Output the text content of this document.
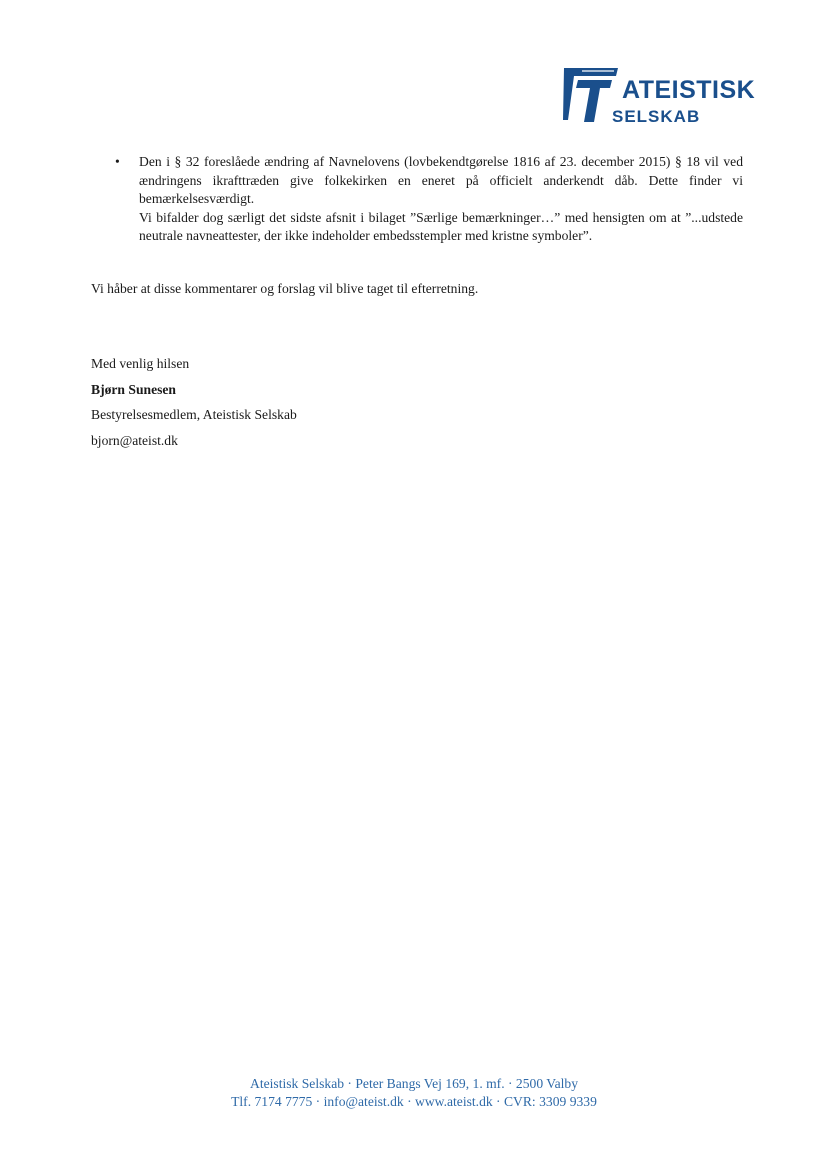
ATEISTISK
SELSKAB
• Den i § 32 foreslåede ændring af Navnelovens (lovbekendtgørelse 1816 af 23. december 2015) § 18 vil ved ændringens ikrafttræden give folkekirken en eneret på officielt anderkendt dåb. Dette finder vi bemærkelsesværdigt.

Vi bifalder dog særligt det sidste afsnit i bilaget ”Særlige bemærkninger…” med hensigten om at ”...udstede neutrale navneattester, der ikke indeholder embedsstempler med kristne symboler”.

Vi håber at disse kommentarer og forslag vil blive taget til efterretning.
Med venlig hilsen
Bjørn Sunesen
Bestyrelsesmedlem, Ateistisk Selskab
bjorn@ateist.dk
Ateistisk Selskab · Peter Bangs Vej 169, 1. mf. · 2500 Valby
Tlf. 7174 7775 · info@ateist.dk · www.ateist.dk · CVR: 3309 9339
